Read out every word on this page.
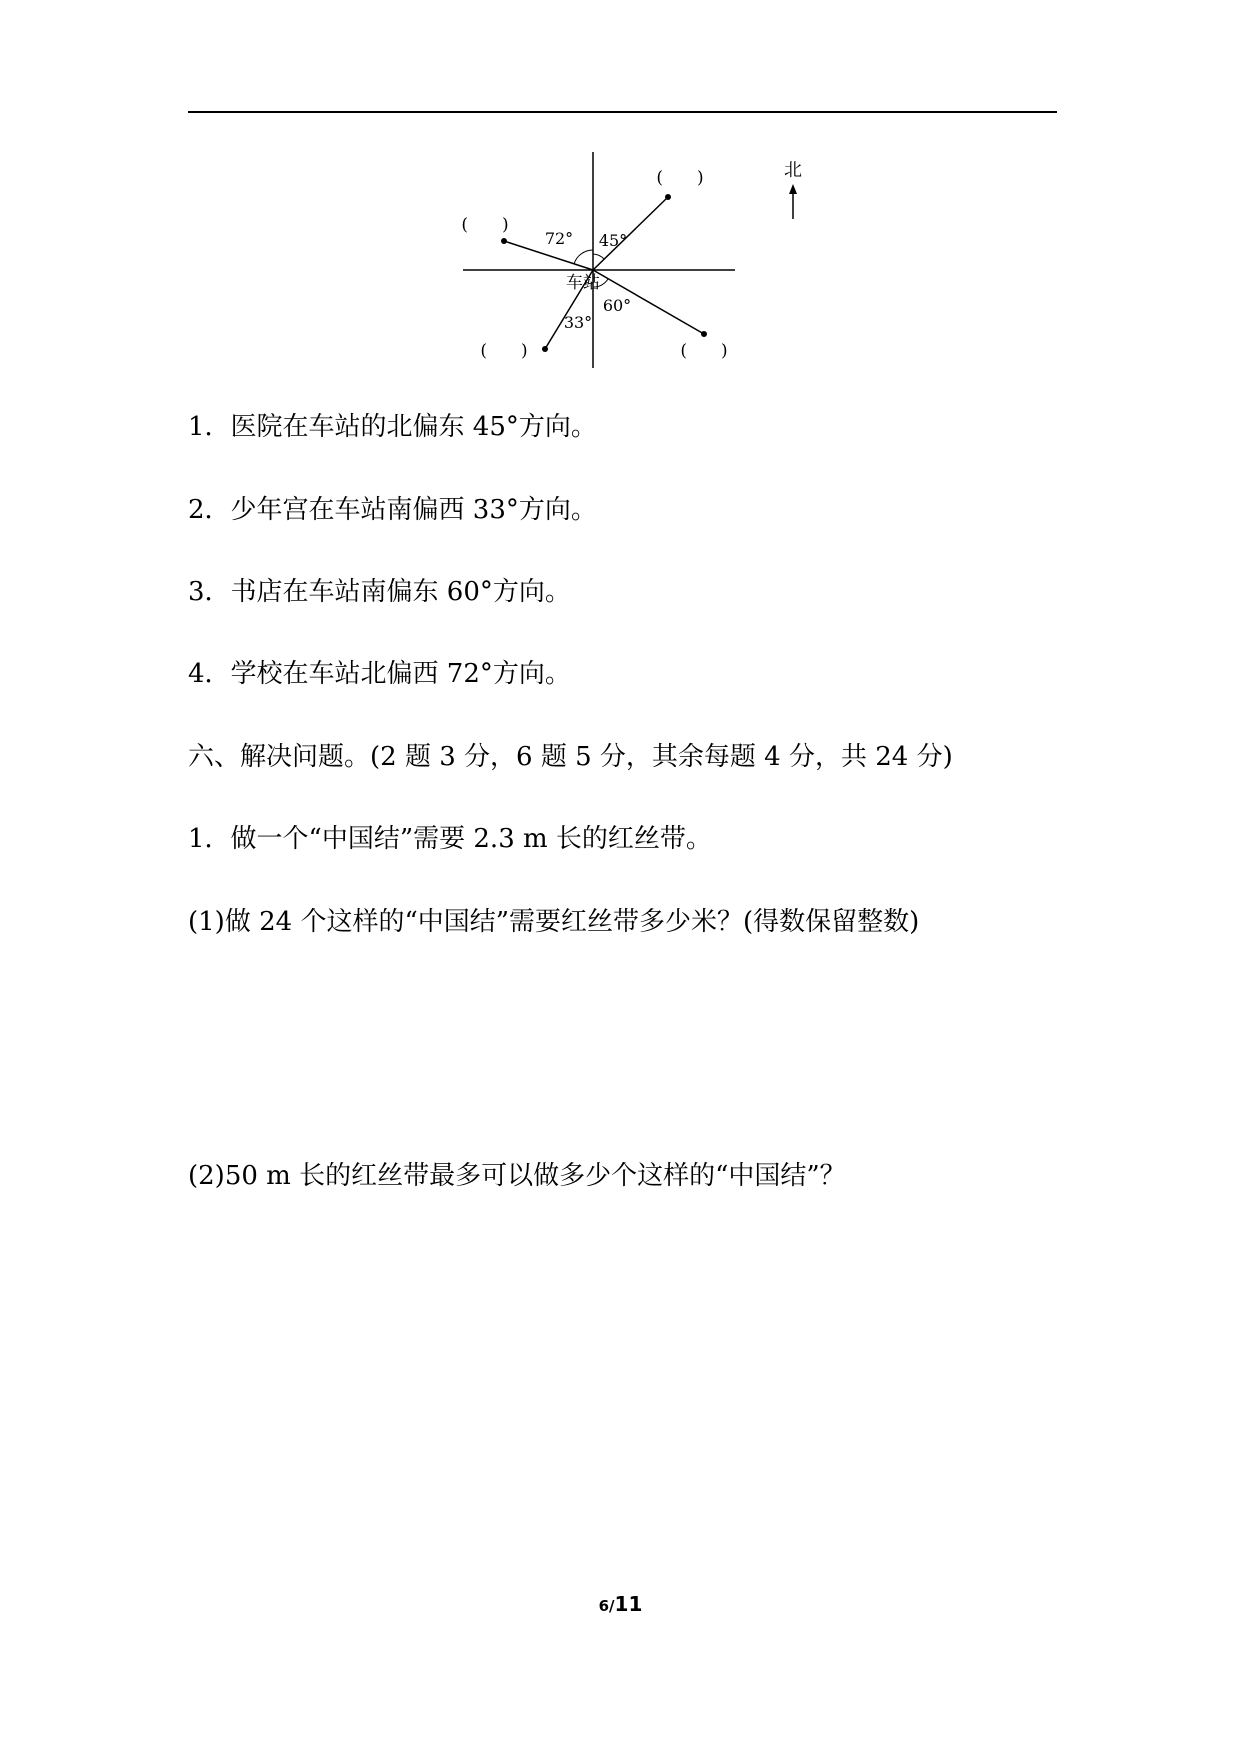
72° 45°
60°
33°
车站
(　　)
(　　)
(　　)	(　　)
北
1．医院在车站的北偏东 45°方向。
2．少年宫在车站南偏西 33°方向。
3．书店在车站南偏东 60°方向。
4．学校在车站北偏西 72°方向。
六、解决问题。(2 题 3 分，6 题 5 分，其余每题 4 分，共 24 分)
1．做一个“中国结”需要 2.3 m 长的红丝带。
(1)做 24 个这样的“中国结”需要红丝带多少米？(得数保留整数)
(2)50 m 长的红丝带最多可以做多少个这样的“中国结”？
6/11
